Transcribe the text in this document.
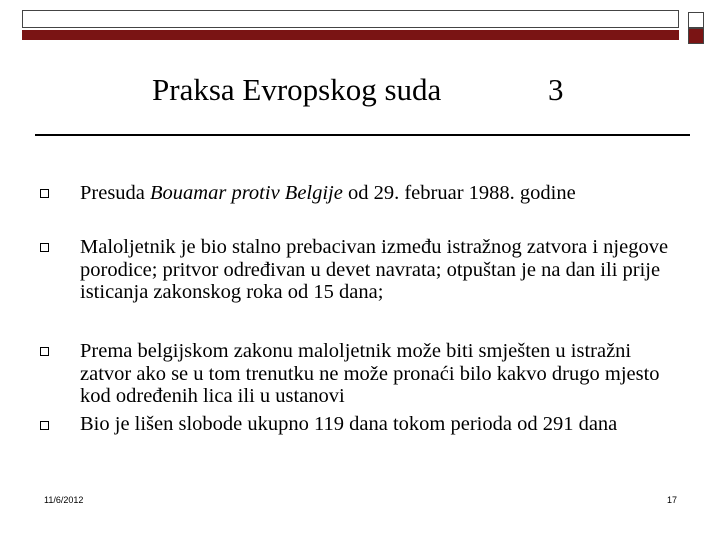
Praksa Evropskog suda	3
Presuda Bouamar protiv Belgije od 29. februar 1988. godine
Maloljetnik je bio stalno prebacivan između istražnog zatvora i njegove porodice; pritvor određivan u devet navrata; otpuštan je na dan ili prije isticanja zakonskog roka od 15 dana;
Prema belgijskom zakonu maloljetnik može biti smješten u istražni zatvor ako se u tom trenutku ne može pronaći bilo kakvo drugo mjesto kod određenih lica ili u ustanovi
Bio je lišen slobode ukupno 119 dana tokom perioda od 291 dana
11/6/2012	17
